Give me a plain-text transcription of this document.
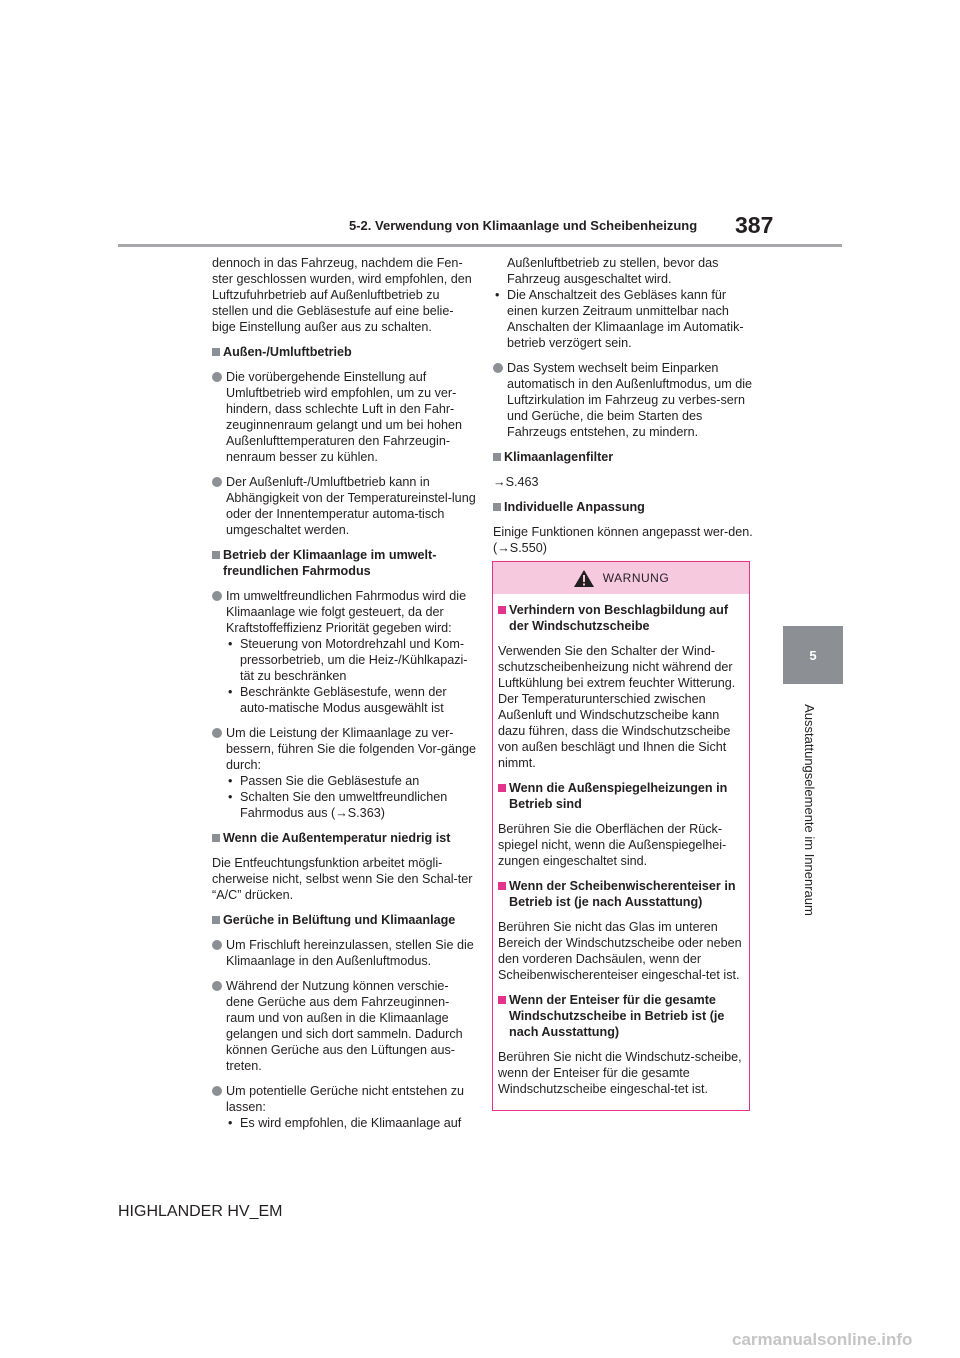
5-2. Verwendung von Klimaanlage und Scheibenheizung 387
5
Ausstattungselemente im Innenraum
dennoch in das Fahrzeug, nachdem die Fen-ster geschlossen wurden, wird empfohlen, den Luftzufuhrbetrieb auf Außenluftbetrieb zu stellen und die Gebläsestufe auf eine belie-bige Einstellung außer aus zu schalten.
Außen-/Umluftbetrieb
Die vorübergehende Einstellung auf Umluftbetrieb wird empfohlen, um zu ver-hindern, dass schlechte Luft in den Fahr-zeuginnenraum gelangt und um bei hohen Außenlufttemperaturen den Fahrzeugin-nenraum besser zu kühlen.
Der Außenluft-/Umluftbetrieb kann in Abhängigkeit von der Temperatureinstel-lung oder der Innentemperatur automa-tisch umgeschaltet werden.
Betrieb der Klimaanlage im umwelt-freundlichen Fahrmodus
Im umweltfreundlichen Fahrmodus wird die Klimaanlage wie folgt gesteuert, da der Kraftstoffeffizienz Priorität gegeben wird:
• Steuerung von Motordrehzahl und Kom-pressorbetrieb, um die Heiz-/Kühlkapazi-tät zu beschränken
• Beschränkte Gebläsestufe, wenn der auto-matische Modus ausgewählt ist
Um die Leistung der Klimaanlage zu ver-bessern, führen Sie die folgenden Vor-gänge durch:
• Passen Sie die Gebläsestufe an
• Schalten Sie den umweltfreundlichen Fahrmodus aus (→S.363)
Wenn die Außentemperatur niedrig ist
Die Entfeuchtungsfunktion arbeitet mögli-cherweise nicht, selbst wenn Sie den Schal-ter “A/C” drücken.
Gerüche in Belüftung und Klimaanlage
Um Frischluft hereinzulassen, stellen Sie die Klimaanlage in den Außenluftmodus.
Während der Nutzung können verschie-dene Gerüche aus dem Fahrzeuginnen-raum und von außen in die Klimaanlage gelangen und sich dort sammeln. Dadurch können Gerüche aus den Lüftungen aus-treten.
Um potentielle Gerüche nicht entstehen zu lassen:
• Es wird empfohlen, die Klimaanlage auf
Außenluftbetrieb zu stellen, bevor das Fahrzeug ausgeschaltet wird.
• Die Anschaltzeit des Gebläses kann für einen kurzen Zeitraum unmittelbar nach Anschalten der Klimaanlage im Automatik-betrieb verzögert sein.
Das System wechselt beim Einparken automatisch in den Außenluftmodus, um die Luftzirkulation im Fahrzeug zu verbes-sern und Gerüche, die beim Starten des Fahrzeugs entstehen, zu mindern.
Klimaanlagenfilter
→S.463
Individuelle Anpassung
Einige Funktionen können angepasst wer-den. (→S.550)
WARNUNG
Verhindern von Beschlagbildung auf der Windschutzscheibe
Verwenden Sie den Schalter der Wind-schutzscheibenheizung nicht während der Luftkühlung bei extrem feuchter Witterung. Der Temperaturunterschied zwischen Außenluft und Windschutzscheibe kann dazu führen, dass die Windschutzscheibe von außen beschlägt und Ihnen die Sicht nimmt.
Wenn die Außenspiegelheizungen in Betrieb sind
Berühren Sie die Oberflächen der Rück-spiegel nicht, wenn die Außenspiegelhei-zungen eingeschaltet sind.
Wenn der Scheibenwischerenteiser in Betrieb ist (je nach Ausstattung)
Berühren Sie nicht das Glas im unteren Bereich der Windschutzscheibe oder neben den vorderen Dachsäulen, wenn der Scheibenwischerenteiser eingeschal-tet ist.
Wenn der Enteiser für die gesamte Windschutzscheibe in Betrieb ist (je nach Ausstattung)
Berühren Sie nicht die Windschutz-scheibe, wenn der Enteiser für die gesamte Windschutzscheibe eingeschal-tet ist.
HIGHLANDER HV_EM
carmanualsonline.info
